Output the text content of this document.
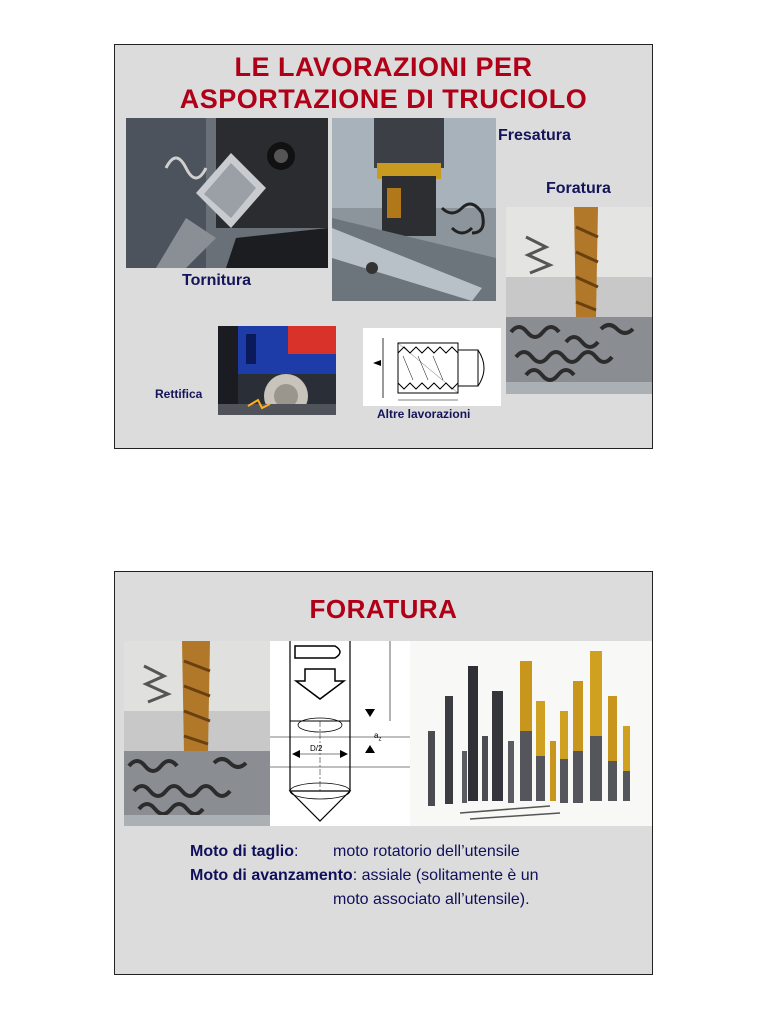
LE LAVORAZIONI PER
ASPORTAZIONE DI TRUCIOLO
Tornitura
Fresatura
Foratura
Rettifica
Altre lavorazioni
FORATURA
$a_z$
D/2
Moto di taglio: moto rotatorio dell’utensile
Moto di avanzamento: assiale (solitamente è un
moto associato all’utensile).
